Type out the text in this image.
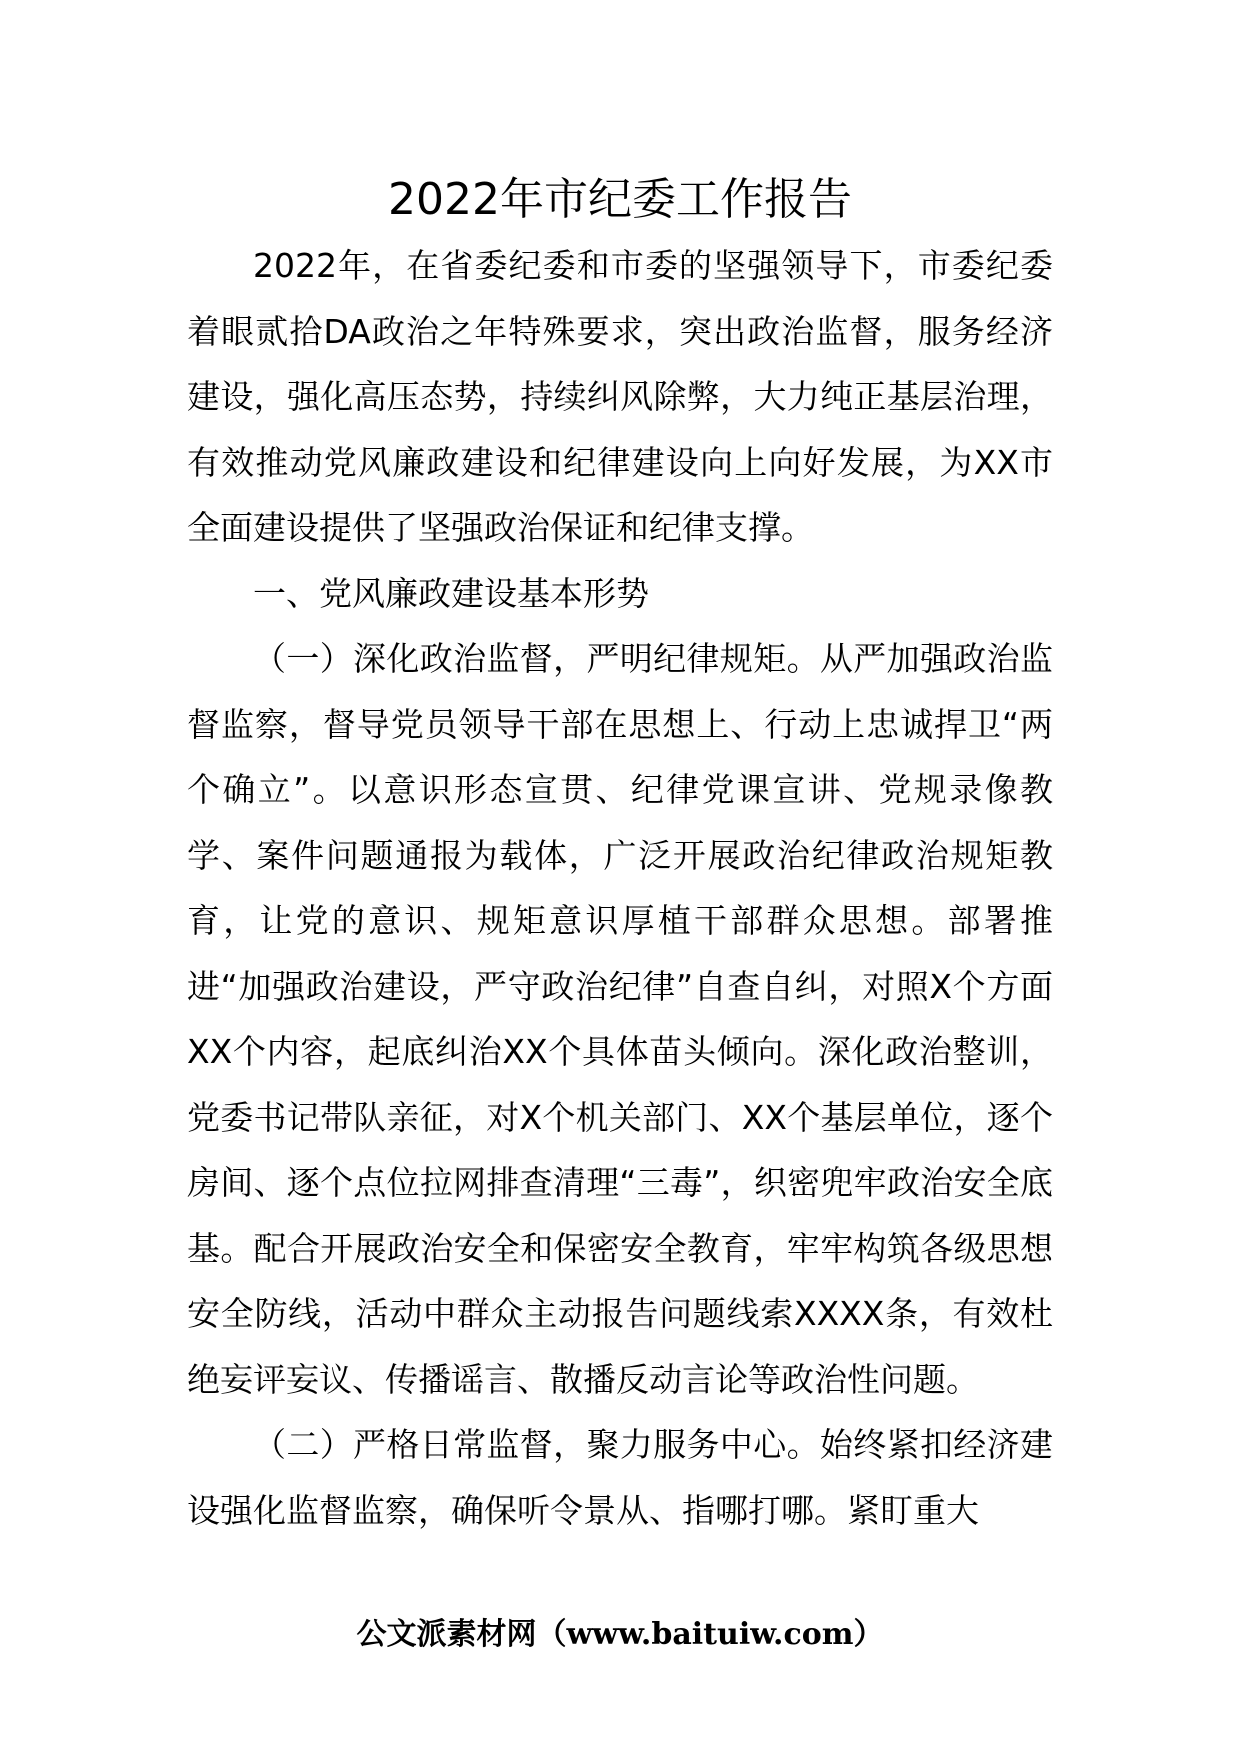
2022年市纪委工作报告

2022年，在省委纪委和市委的坚强领导下，市委纪委着眼贰拾DA政治之年特殊要求，突出政治监督，服务经济建设，强化高压态势，持续纠风除弊，大力纯正基层治理，有效推动党风廉政建设和纪律建设向上向好发展，为XX市全面建设提供了坚强政治保证和纪律支撑。

一、党风廉政建设基本形势

（一）深化政治监督，严明纪律规矩。从严加强政治监督监察，督导党员领导干部在思想上、行动上忠诚捍卫“两个确立”。以意识形态宣贯、纪律党课宣讲、党规录像教学、案件问题通报为载体，广泛开展政治纪律政治规矩教育，让党的意识、规矩意识厚植干部群众思想。部署推进“加强政治建设，严守政治纪律”自查自纠，对照X个方面XX个内容，起底纠治XX个具体苗头倾向。深化政治整训，党委书记带队亲征，对X个机关部门、XX个基层单位，逐个房间、逐个点位拉网排查清理“三毒”，织密兜牢政治安全底基。配合开展政治安全和保密安全教育，牢牢构筑各级思想安全防线，活动中群众主动报告问题线索XXXX条，有效杜绝妄评妄议、传播谣言、散播反动言论等政治性问题。

（二）严格日常监督，聚力服务中心。始终紧扣经济建设强化监督监察，确保听令景从、指哪打哪。紧盯重大

公文派素材网（www.baituiw.com）
